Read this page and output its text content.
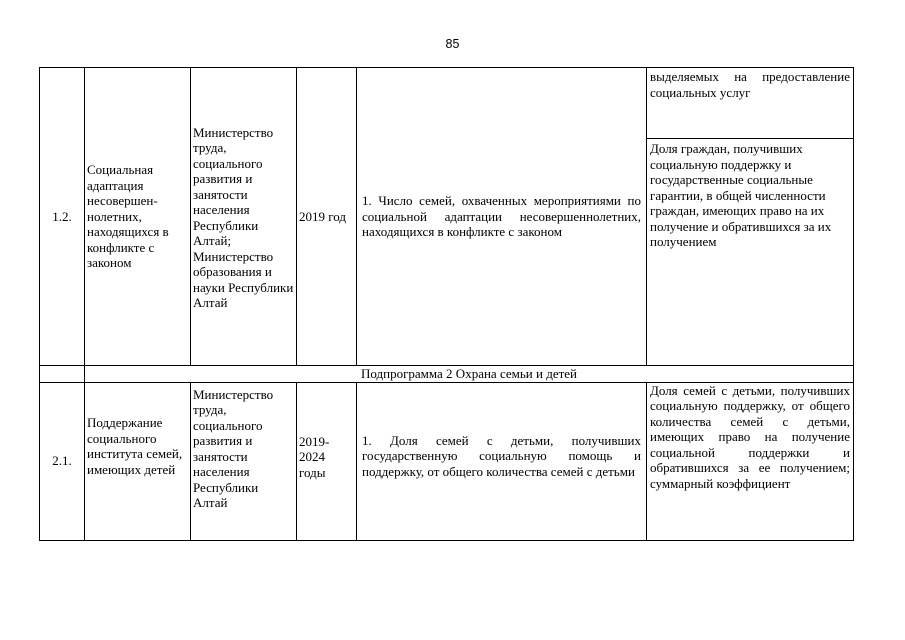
85
1.2.	Социальная адаптация несовершен-нолетних, находящихся в конфликте с законом	Министерство труда, социального развития и занятости населения Республики Алтай; Министерство образования и науки Республики Алтай	2019 год	1. Число семей, охваченных мероприятиями по социальной адаптации несовершеннолетних, находящихся в конфликте с законом	выделяемых на предоставление социальных услуг
					Доля граждан, получивших социальную поддержку и государственные социальные гарантии, в общей численности граждан, имеющих право на их получение и обратившихся за их получением
	Подпрограмма 2 Охрана семьи и детей				
2.1.	Поддержание социального института семей, имеющих детей	Министерство труда, социального развития и занятости населения Республики Алтай	2019-2024 годы	1. Доля семей с детьми, получивших государственную социальную помощь и поддержку, от общего количества семей с детьми	Доля семей с детьми, получивших социальную поддержку, от общего количества семей с детьми, имеющих право на получение социальной поддержки и обратившихся за ее получением; суммарный коэффициент
